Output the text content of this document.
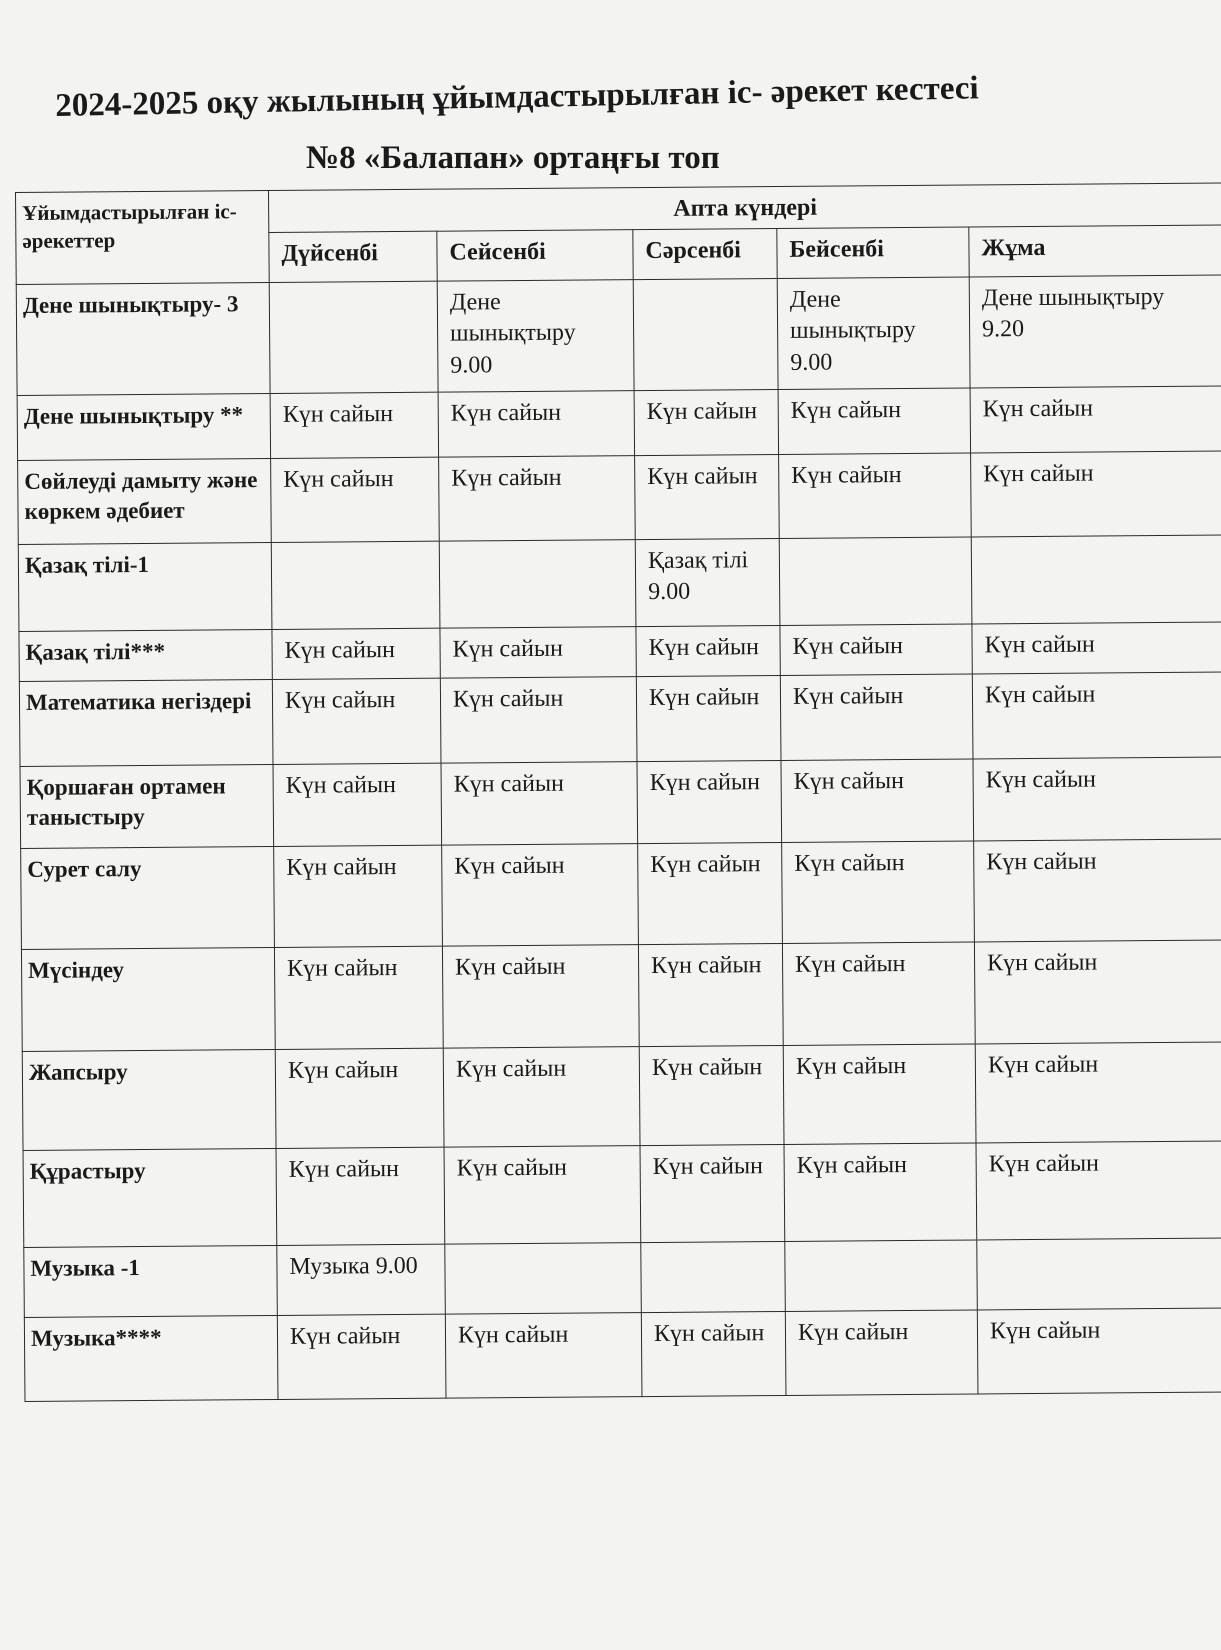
2024-2025 оқу жылының ұйымдастырылған іс- әрекет кестесі
№8 «Балапан» ортаңғы топ
Ұйымдастырылған іс- әрекеттер	Апта күндері				
	Дүйсенбі	Сейсенбі	Сәрсенбі	Бейсенбі	Жұма
Дене шынықтыру- 3		Дене шынықтыру 9.00		Дене шынықтыру 9.00	Дене шынықтыру 9.20
Дене шынықтыру **	Күн сайын	Күн сайын	Күн сайын	Күн сайын	Күн сайын
Сөйлеуді дамыту және көркем әдебиет	Күн сайын	Күн сайын	Күн сайын	Күн сайын	Күн сайын
Қазақ тілі-1			Қазақ тілі 9.00		
Қазақ тілі***	Күн сайын	Күн сайын	Күн сайын	Күн сайын	Күн сайын
Математика негіздері	Күн сайын	Күн сайын	Күн сайын	Күн сайын	Күн сайын
Қоршаған ортамен таныстыру	Күн сайын	Күн сайын	Күн сайын	Күн сайын	Күн сайын
Сурет салу	Күн сайын	Күн сайын	Күн сайын	Күн сайын	Күн сайын
Мүсіндеу	Күн сайын	Күн сайын	Күн сайын	Күн сайын	Күн сайын
Жапсыру	Күн сайын	Күн сайын	Күн сайын	Күн сайын	Күн сайын
Құрастыру	Күн сайын	Күн сайын	Күн сайын	Күн сайын	Күн сайын
Музыка -1	Музыка 9.00				
Музыка****	Күн сайын	Күн сайын	Күн сайын	Күн сайын	Күн сайын
